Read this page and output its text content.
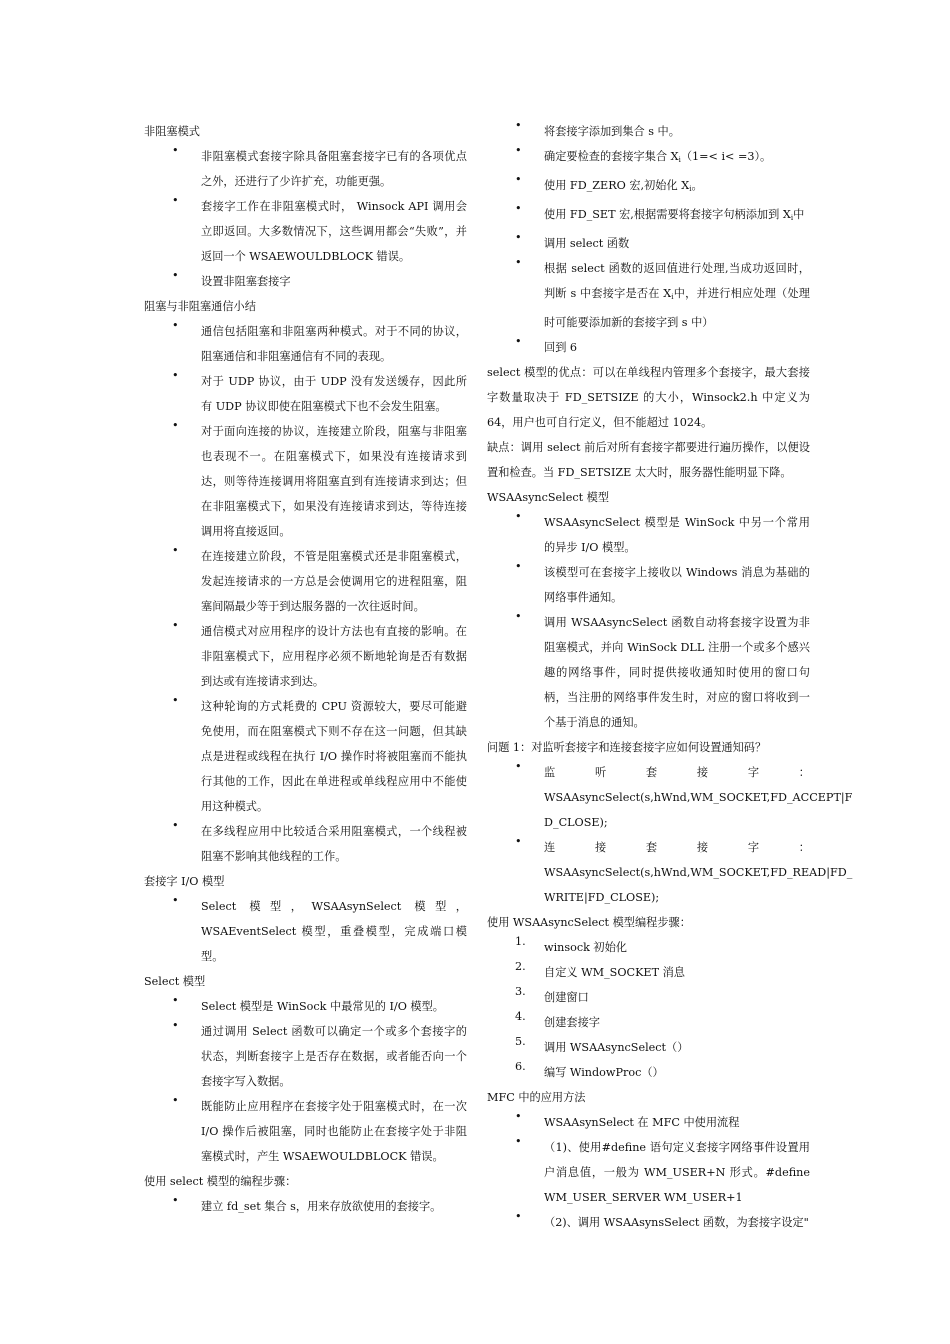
非阻塞模式
• 非阻塞模式套接字除具备阻塞套接字已有的各项优点之外，还进行了少许扩充，功能更强。
• 套接字工作在非阻塞模式时， Winsock API 调用会立即返回。大多数情况下，这些调用都会“失败”，并返回一个 WSAEWOULDBLOCK 错误。
• 设置非阻塞套接字
阻塞与非阻塞通信小结
• 通信包括阻塞和非阻塞两种模式。对于不同的协议，阻塞通信和非阻塞通信有不同的表现。
• 对于 UDP 协议，由于 UDP 没有发送缓存，因此所有 UDP 协议即使在阻塞模式下也不会发生阻塞。
• 对于面向连接的协议，连接建立阶段，阻塞与非阻塞也表现不一。在阻塞模式下，如果没有连接请求到达，则等待连接调用将阻塞直到有连接请求到达；但在非阻塞模式下，如果没有连接请求到达，等待连接调用将直接返回。
• 在连接建立阶段，不管是阻塞模式还是非阻塞模式，发起连接请求的一方总是会使调用它的进程阻塞，阻塞间隔最少等于到达服务器的一次往返时间。
• 通信模式对应用程序的设计方法也有直接的影响。在非阻塞模式下，应用程序必须不断地轮询是否有数据到达或有连接请求到达。
• 这种轮询的方式耗费的 CPU 资源较大，要尽可能避免使用，而在阻塞模式下则不存在这一问题，但其缺点是进程或线程在执行 I/O 操作时将被阻塞而不能执行其他的工作，因此在单进程或单线程应用中不能使用这种模式。
• 在多线程应用中比较适合采用阻塞模式，一个线程被阻塞不影响其他线程的工作。
套接字 I/O 模型
• Select 模型，WSAAsynSelect 模型，WSAEventSelect 模型，重叠模型，完成端口模型。
Select 模型
• Select 模型是 WinSock 中最常见的 I/O 模型。
• 通过调用 Select 函数可以确定一个或多个套接字的状态，判断套接字上是否存在数据，或者能否向一个套接字写入数据。
• 既能防止应用程序在套接字处于阻塞模式时，在一次 I/O 操作后被阻塞，同时也能防止在套接字处于非阻塞模式时，产生 WSAEWOULDBLOCK 错误。
使用 select 模型的编程步骤：
• 建立 fd_set 集合 s，用来存放欲使用的套接字。
• 将套接字添加到集合 s 中。
• 确定要检查的套接字集合 $X_i(1=< i< =3)$。
• 使用 FD_ZERO 宏,初始化 $X_i$。
• 使用 FD_SET 宏,根据需要将套接字句柄添加到 $X_i$中
• 调用 select 函数
• 根据 select 函数的返回值进行处理,当成功返回时，判断 s 中套接字是否在 $X_i$中，并进行相应处理（处理时可能要添加新的套接字到 s 中）
• 回到 6
select 模型的优点：可以在单线程内管理多个套接字，最大套接字数量取决于 FD_SETSIZE 的大小，Winsock2.h 中定义为 64，用户也可自行定义，但不能超过 1024。
缺点：调用 select 前后对所有套接字都要进行遍历操作，以便设置和检查。当 FD_SETSIZE 太大时，服务器性能明显下降。
WSAAsyncSelect 模型
• WSAAsyncSelect 模型是 WinSock 中另一个常用的异步 I/O 模型。
• 该模型可在套接字上接收以 Windows 消息为基础的网络事件通知。
• 调用 WSAAsyncSelect 函数自动将套接字设置为非阻塞模式，并向 WinSock DLL 注册一个或多个感兴趣的网络事件，同时提供接收通知时使用的窗口句柄，当注册的网络事件发生时，对应的窗口将收到一个基于消息的通知。
问题 1：对监听套接字和连接套接字应如何设置通知码？
• 监	听	套	接	字	：
WSAAsyncSelect(s,hWnd,WM_SOCKET,FD_ACCEPT|F
D_CLOSE);
• 连	接	套	接	字	：
WSAAsyncSelect(s,hWnd,WM_SOCKET,FD_READ|FD_
WRITE|FD_CLOSE);
使用 WSAAsyncSelect 模型编程步骤：
1. winsock 初始化
2. 自定义 WM_SOCKET 消息
3. 创建窗口
4. 创建套接字
5. 调用 WSAAsyncSelect（）
6. 编写 WindowProc（）
MFC 中的应用方法
• WSAAsynSelect 在 MFC 中使用流程
• （1)、使用#define 语句定义套接字网络事件设置用户消息值，一般为 WM_USER+N 形式。#define WM_USER_SERVER WM_USER+1
• （2)、调用 WSAAsynsSelect 函数，为套接字设定"
